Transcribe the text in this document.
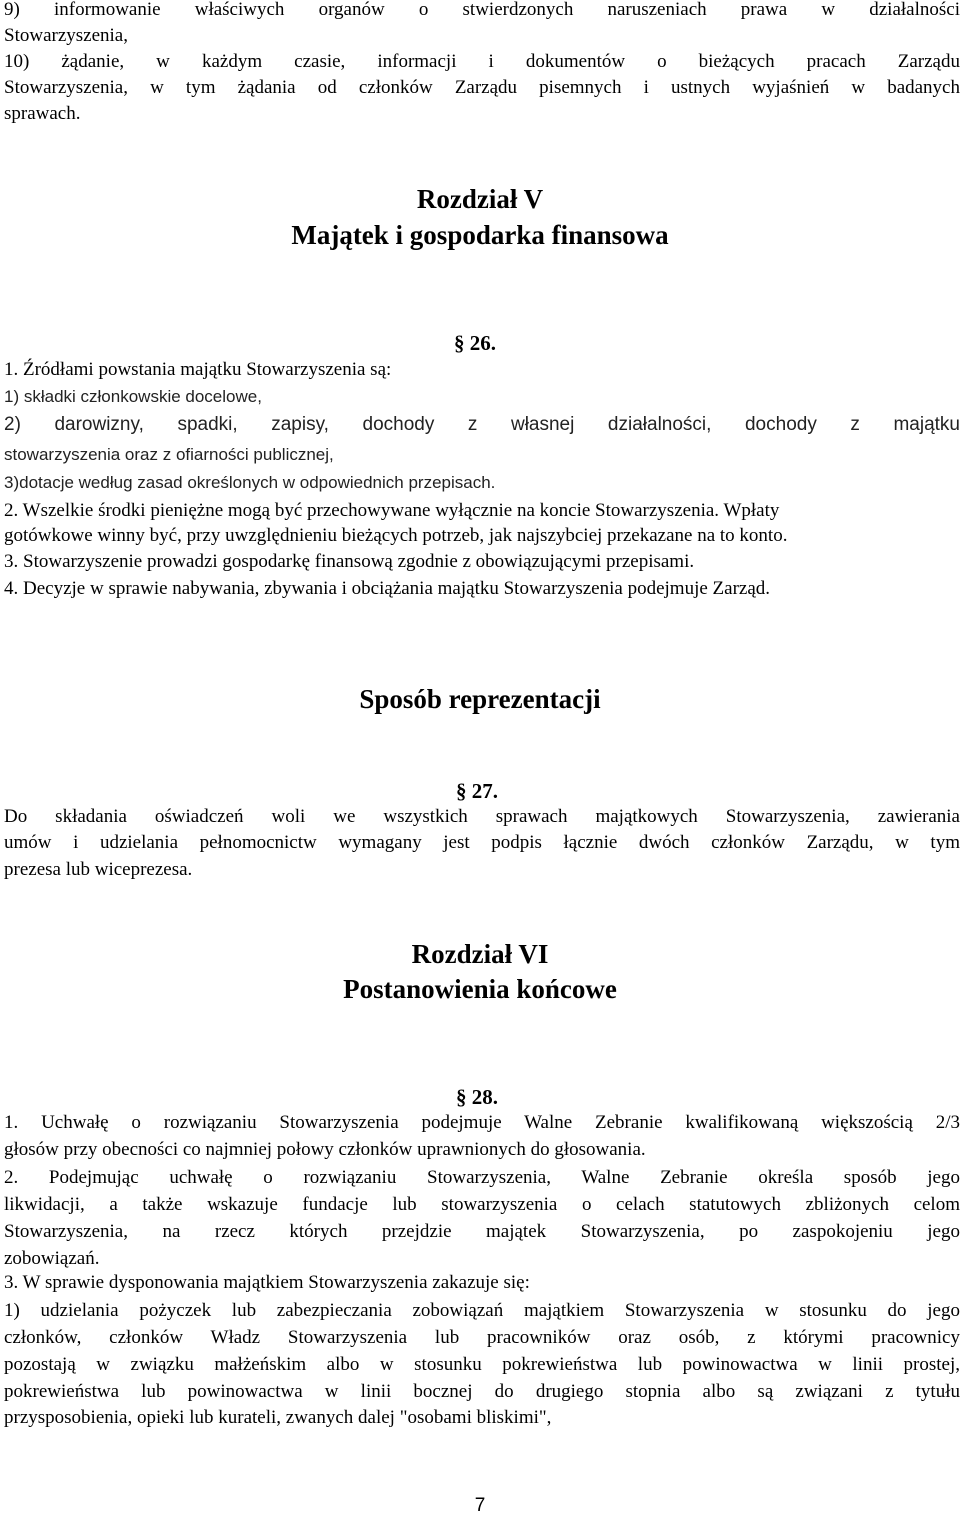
9) informowanie właściwych organów o stwierdzonych naruszeniach prawa w działalności

Stowarzyszenia,

10) żądanie, w każdym czasie, informacji i dokumentów o bieżących pracach Zarządu

Stowarzyszenia, w tym żądania od członków Zarządu pisemnych i ustnych wyjaśnień w badanych

sprawach.

Rozdział V
Majątek i gospodarka finansowa
§ 26.

1. Źródłami powstania majątku Stowarzyszenia są:

1) składki członkowskie docelowe,

2) darowizny, spadki, zapisy, dochody z własnej działalności, dochody z majątku

stowarzyszenia oraz z ofiarności publicznej,

3)dotacje według zasad określonych w odpowiednich przepisach.

2. Wszelkie środki pieniężne mogą być przechowywane wyłącznie na koncie Stowarzyszenia. Wpłaty

gotówkowe winny być, przy uwzględnieniu bieżących potrzeb, jak najszybciej przekazane na to konto.

3. Stowarzyszenie prowadzi gospodarkę finansową zgodnie z obowiązującymi przepisami.

4. Decyzje w sprawie nabywania, zbywania i obciążania majątku Stowarzyszenia podejmuje Zarząd.

Sposób reprezentacji
§ 27.

Do składania oświadczeń woli we wszystkich sprawach majątkowych Stowarzyszenia, zawierania

umów i udzielania pełnomocnictw wymagany jest podpis łącznie dwóch członków Zarządu, w tym

prezesa lub wiceprezesa.

Rozdział VI
Postanowienia końcowe
§ 28.

1. Uchwałę o rozwiązaniu Stowarzyszenia podejmuje Walne Zebranie kwalifikowaną większością 2/3

głosów przy obecności co najmniej połowy członków uprawnionych do głosowania.

2. Podejmując uchwałę o rozwiązaniu Stowarzyszenia, Walne Zebranie określa sposób jego

likwidacji, a także wskazuje fundacje lub stowarzyszenia o celach statutowych zbliżonych celom

Stowarzyszenia, na rzecz których przejdzie majątek Stowarzyszenia, po zaspokojeniu jego

zobowiązań.

3. W sprawie dysponowania majątkiem Stowarzyszenia zakazuje się:

1) udzielania pożyczek lub zabezpieczania zobowiązań majątkiem Stowarzyszenia w stosunku do jego

członków, członków Władz Stowarzyszenia lub pracowników oraz osób, z którymi pracownicy

pozostają w związku małżeńskim albo w stosunku pokrewieństwa lub powinowactwa w linii prostej,

pokrewieństwa lub powinowactwa w linii bocznej do drugiego stopnia albo są związani z tytułu

przysposobienia, opieki lub kurateli, zwanych dalej "osobami bliskimi",

7
